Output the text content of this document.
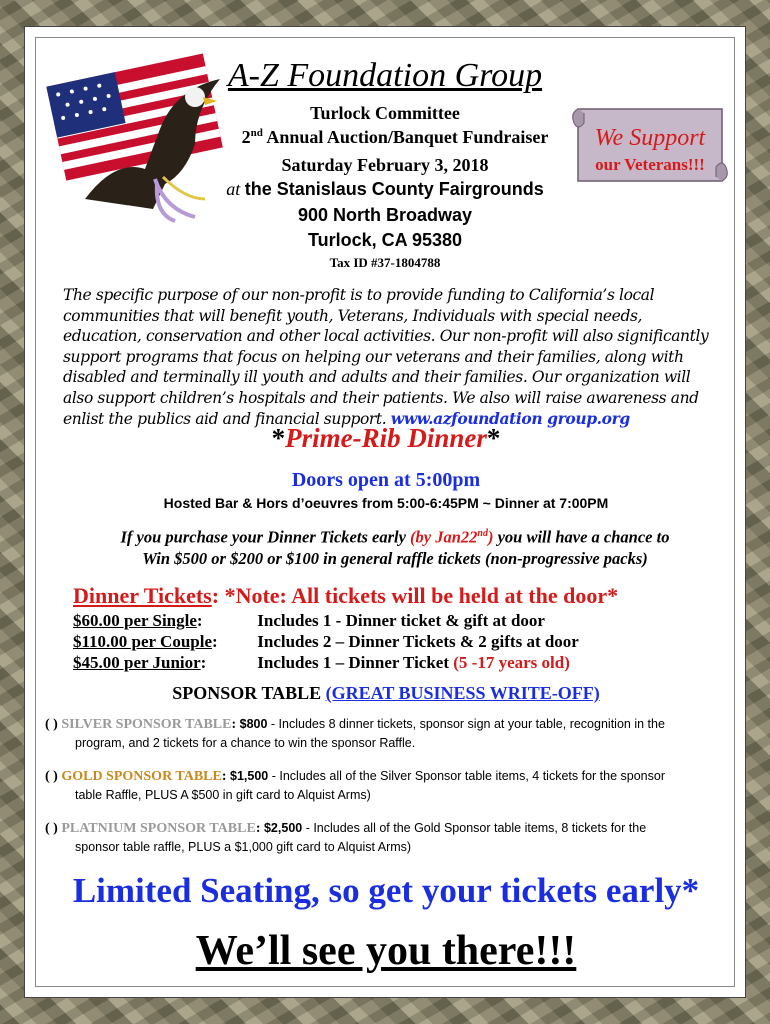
A-Z Foundation Group
Turlock Committee
2nd Annual Auction/Banquet Fundraiser
Saturday February 3, 2018
at the Stanislaus County Fairgrounds
900 North Broadway
Turlock, CA 95380
Tax ID #37-1804788
We Support
our Veterans!!!
The specific purpose of our non-profit is to provide funding to California’s local communities that will benefit youth, Veterans, Individuals with special needs, education, conservation and other local activities. Our non-profit will also significantly support programs that focus on helping our veterans and their families, along with disabled and terminally ill youth and adults and their families. Our organization will also support children’s hospitals and their patients. We also will raise awareness and enlist the publics aid and financial support. www.azfoundation group.org
*Prime-Rib Dinner*
Doors open at 5:00pm
Hosted Bar & Hors d’oeuvres from 5:00-6:45PM ~ Dinner at 7:00PM
If you purchase your Dinner Tickets early (by Jan22nd) you will have a chance to
Win $500 or $200 or $100 in general raffle tickets (non-progressive packs)
Dinner Tickets: *Note: All tickets will be held at the door*
$60.00 per Single:	Includes 1 - Dinner ticket & gift at door
$110.00 per Couple: Includes 2 – Dinner Tickets & 2 gifts at door
$45.00 per Junior:	Includes 1 – Dinner Ticket (5 -17 years old)
SPONSOR TABLE (GREAT BUSINESS WRITE-OFF)
( ) SILVER SPONSOR TABLE: $800 - Includes 8 dinner tickets, sponsor sign at your table, recognition in the
program, and 2 tickets for a chance to win the sponsor Raffle.
( ) GOLD SPONSOR TABLE: $1,500 - Includes all of the Silver Sponsor table items, 4 tickets for the sponsor
table Raffle, PLUS A $500 in gift card to Alquist Arms)
( ) PLATNIUM SPONSOR TABLE: $2,500 - Includes all of the Gold Sponsor table items, 8 tickets for the
sponsor table raffle, PLUS a $1,000 gift card to Alquist Arms)
Limited Seating, so get your tickets early*
We’ll see you there!!!
